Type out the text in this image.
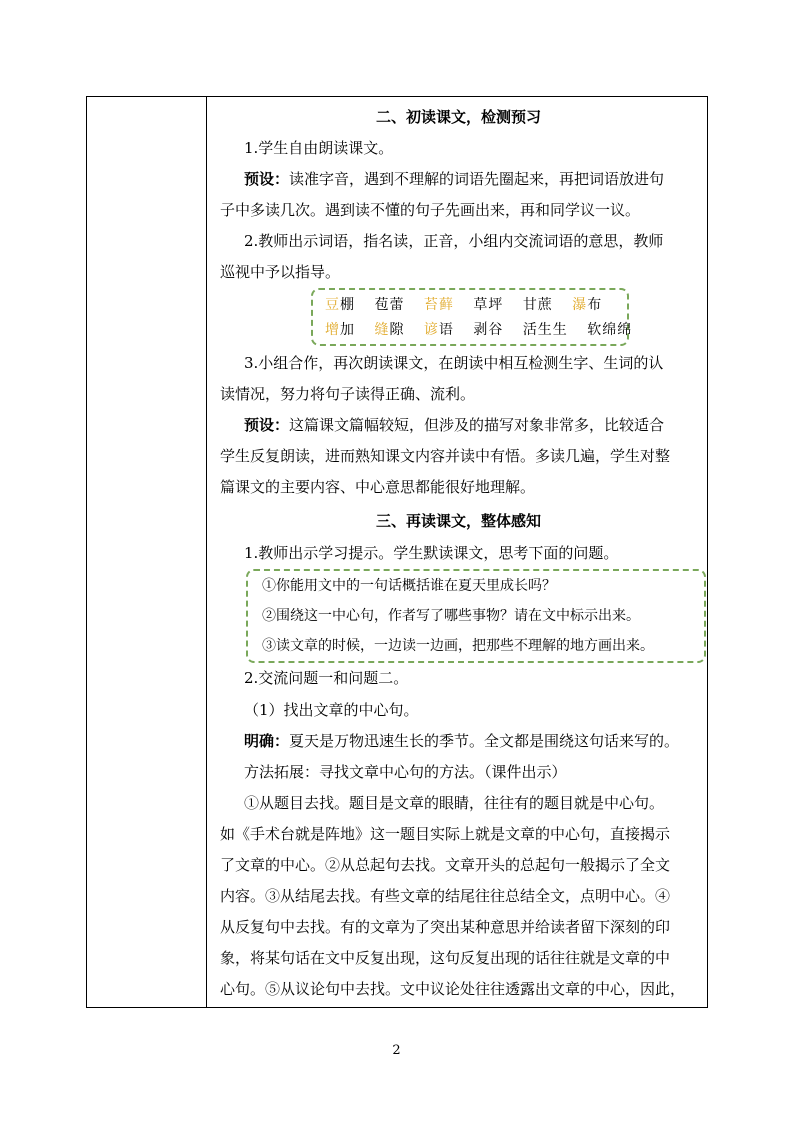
二、初读课文，检测预习
1.学生自由朗读课文。
预设：读准字音，遇到不理解的词语先圈起来，再把词语放进句
子中多读几次。遇到读不懂的句子先画出来，再和同学议一议。
2.教师出示词语，指名读，正音，小组内交流词语的意思，教师
巡视中予以指导。
豆棚 苞蕾 苔藓 草坪 甘蔗 瀑布
增加 缝隙 谚语 剥谷 活生生 软绵绵
3.小组合作，再次朗读课文，在朗读中相互检测生字、生词的认
读情况，努力将句子读得正确、流利。
预设：这篇课文篇幅较短，但涉及的描写对象非常多，比较适合
学生反复朗读，进而熟知课文内容并读中有悟。多读几遍，学生对整
篇课文的主要内容、中心意思都能很好地理解。
三、再读课文，整体感知
1.教师出示学习提示。学生默读课文，思考下面的问题。
①你能用文中的一句话概括谁在夏天里成长吗？
②围绕这一中心句，作者写了哪些事物？请在文中标示出来。
③读文章的时候，一边读一边画，把那些不理解的地方画出来。
2.交流问题一和问题二。
（1）找出文章的中心句。
明确：夏天是万物迅速生长的季节。全文都是围绕这句话来写的。
方法拓展：寻找文章中心句的方法。（课件出示）
①从题目去找。题目是文章的眼睛，往往有的题目就是中心句。
如《手术台就是阵地》这一题目实际上就是文章的中心句，直接揭示
了文章的中心。②从总起句去找。文章开头的总起句一般揭示了全文
内容。③从结尾去找。有些文章的结尾往往总结全文，点明中心。④
从反复句中去找。有的文章为了突出某种意思并给读者留下深刻的印
象，将某句话在文中反复出现，这句反复出现的话往往就是文章的中
心句。⑤从议论句中去找。文中议论处往往透露出文章的中心，因此，
2
